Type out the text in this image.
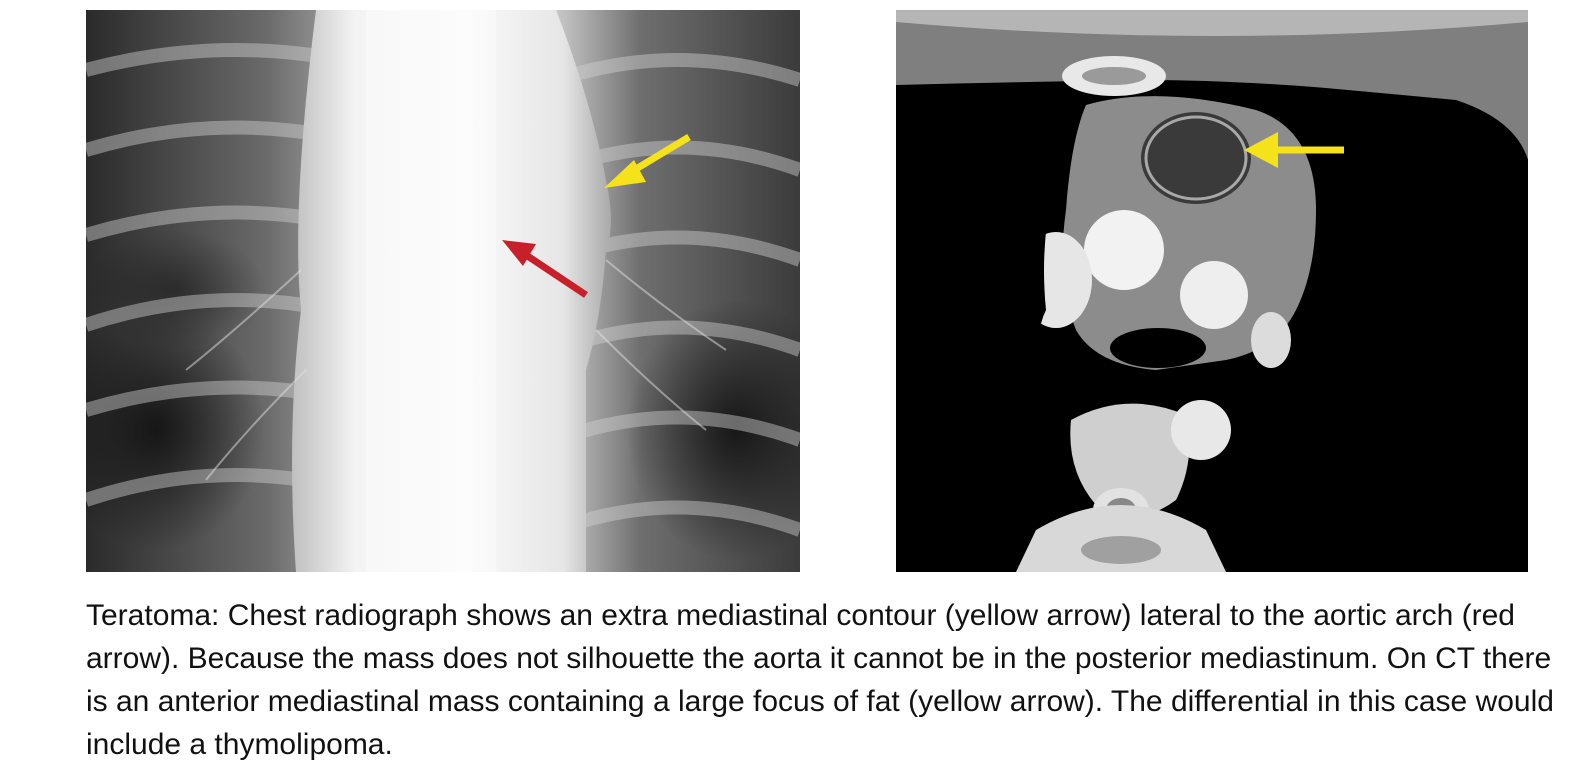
Teratoma: Chest radiograph shows an extra mediastinal contour (yellow arrow) lateral to the aortic arch (red arrow). Because the mass does not silhouette the aorta it cannot be in the posterior mediastinum. On CT there is an anterior mediastinal mass containing a large focus of fat (yellow arrow). The differential in this case would include a thymolipoma.
